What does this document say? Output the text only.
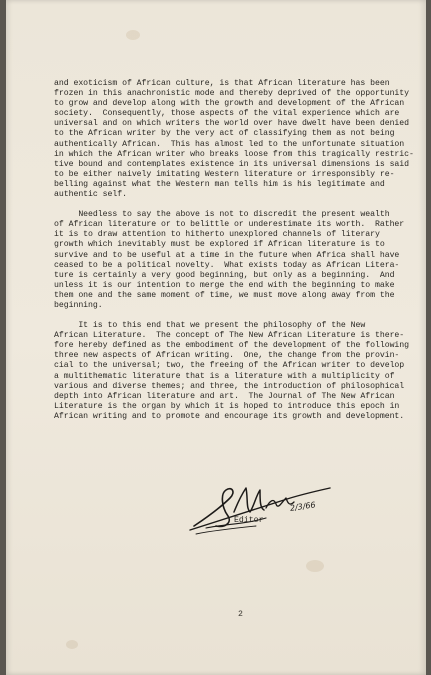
and exoticism of African culture, is that African literature has been
frozen in this anachronistic mode and thereby deprived of the opportunity
to grow and develop along with the growth and development of the African
society.  Consequently, those aspects of the vital experience which are
universal and on which writers the world over have dwelt have been denied
to the African writer by the very act of classifying them as not being
authentically African.  This has almost led to the unfortunate situation
in which the African writer who breaks loose from this tragically restric-
tive bound and contemplates existence in its universal dimensions is said
to be either naively imitating Western literature or irresponsibly re-
belling against what the Western man tells him is his legitimate and
authentic self.

Needless to say the above is not to discredit the present wealth
of African literature or to belittle or underestimate its worth.  Rather
it is to draw attention to hitherto unexplored channels of literary
growth which inevitably must be explored if African literature is to
survive and to be useful at a time in the future when Africa shall have
ceased to be a political novelty.  What exists today as African Litera-
ture is certainly a very good beginning, but only as a beginning.  And
unless it is our intention to merge the end with the beginning to make
them one and the same moment of time, we must move along away from the
beginning.

It is to this end that we present the philosophy of the New
African Literature.  The concept of The New African Literature is there-
fore hereby defined as the embodiment of the development of the following
three new aspects of African writing.  One, the change from the provin-
cial to the universal; two, the freeing of the African writer to develop
a multithematic literature that is a literature with a multiplicity of
various and diverse themes; and three, the introduction of philosophical
depth into African literature and art.  The Journal of The New African
Literature is the organ by which it is hoped to introduce this epoch in
African writing and to promote and encourage its growth and development.

2/3/66
Editor
2
